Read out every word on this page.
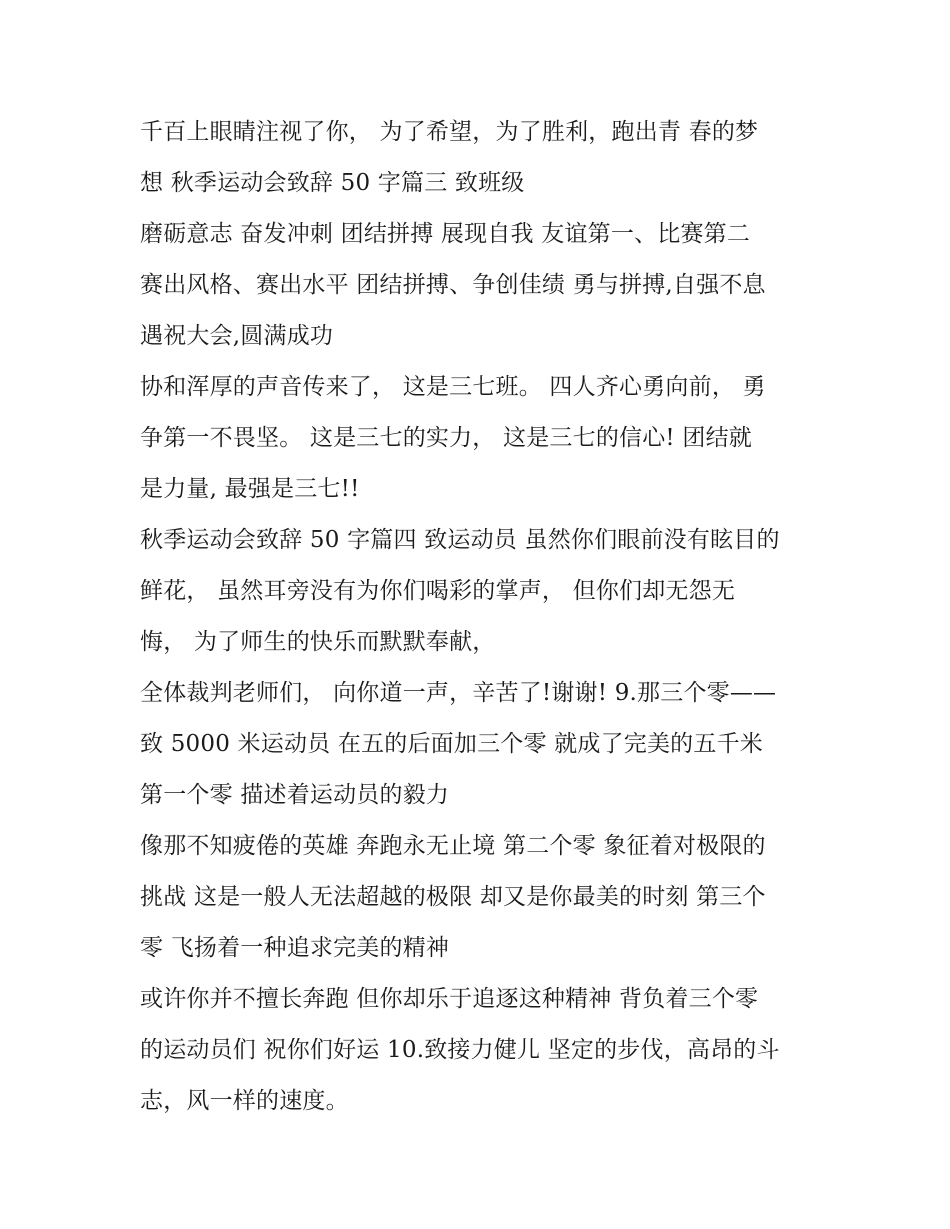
千百上眼睛注视了你， 为了希望，为了胜利，跑出青 春的梦
想 秋季运动会致辞 50 字篇三 致班级
磨砺意志 奋发冲刺 团结拼搏 展现自我 友谊第一、比赛第二
赛出风格、赛出水平 团结拼搏、争创佳绩 勇与拼搏,自强不息
遇祝大会,圆满成功
协和浑厚的声音传来了， 这是三七班。 四人齐心勇向前， 勇
争第一不畏坚。 这是三七的实力， 这是三七的信心! 团结就
是力量, 最强是三七!!
秋季运动会致辞 50 字篇四 致运动员 虽然你们眼前没有眩目的
鲜花， 虽然耳旁没有为你们喝彩的掌声， 但你们却无怨无
悔， 为了师生的快乐而默默奉献，
全体裁判老师们， 向你道一声，辛苦了!谢谢! 9.那三个零——
致 5000 米运动员 在五的后面加三个零 就成了完美的五千米
第一个零 描述着运动员的毅力
像那不知疲倦的英雄 奔跑永无止境 第二个零 象征着对极限的
挑战 这是一般人无法超越的极限 却又是你最美的时刻 第三个
零 飞扬着一种追求完美的精神
或许你并不擅长奔跑 但你却乐于追逐这种精神 背负着三个零
的运动员们 祝你们好运 10.致接力健儿 坚定的步伐，高昂的斗
志，风一样的速度。
